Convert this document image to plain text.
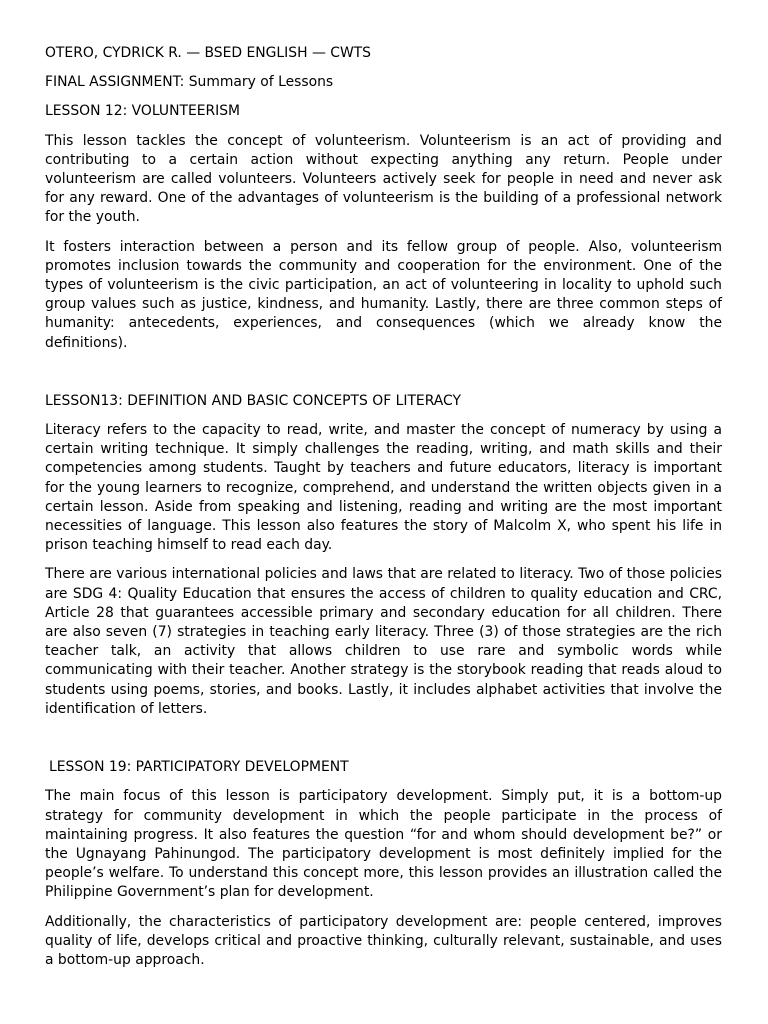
OTERO, CYDRICK R. — BSED ENGLISH — CWTS

FINAL ASSIGNMENT: Summary of Lessons

LESSON 12: VOLUNTEERISM

This lesson tackles the concept of volunteerism. Volunteerism is an act of providing and contributing to a certain action without expecting anything any return. People under volunteerism are called volunteers. Volunteers actively seek for people in need and never ask for any reward. One of the advantages of volunteerism is the building of a professional network for the youth.

It fosters interaction between a person and its fellow group of people. Also, volunteerism promotes inclusion towards the community and cooperation for the environment. One of the types of volunteerism is the civic participation, an act of volunteering in locality to uphold such group values such as justice, kindness, and humanity. Lastly, there are three common steps of humanity: antecedents, experiences, and consequences (which we already know the definitions).

LESSON13: DEFINITION AND BASIC CONCEPTS OF LITERACY

Literacy refers to the capacity to read, write, and master the concept of numeracy by using a certain writing technique. It simply challenges the reading, writing, and math skills and their competencies among students. Taught by teachers and future educators, literacy is important for the young learners to recognize, comprehend, and understand the written objects given in a certain lesson. Aside from speaking and listening, reading and writing are the most important necessities of language. This lesson also features the story of Malcolm X, who spent his life in prison teaching himself to read each day.

There are various international policies and laws that are related to literacy. Two of those policies are SDG 4: Quality Education that ensures the access of children to quality education and CRC, Article 28 that guarantees accessible primary and secondary education for all children. There are also seven (7) strategies in teaching early literacy. Three (3) of those strategies are the rich teacher talk, an activity that allows children to use rare and symbolic words while communicating with their teacher. Another strategy is the storybook reading that reads aloud to students using poems, stories, and books. Lastly, it includes alphabet activities that involve the identification of letters.

LESSON 19: PARTICIPATORY DEVELOPMENT

The main focus of this lesson is participatory development. Simply put, it is a bottom-up strategy for community development in which the people participate in the process of maintaining progress. It also features the question “for and whom should development be?” or the Ugnayang Pahinungod. The participatory development is most definitely implied for the people’s welfare. To understand this concept more, this lesson provides an illustration called the Philippine Government’s plan for development.

Additionally, the characteristics of participatory development are: people centered, improves quality of life, develops critical and proactive thinking, culturally relevant, sustainable, and uses a bottom-up approach.
